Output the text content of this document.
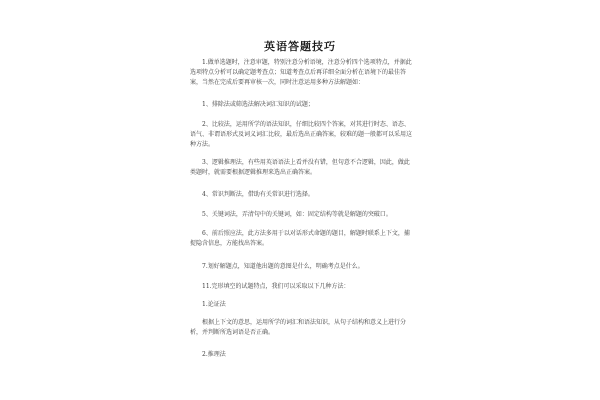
英语答题技巧

1.做单选题时，注意审题，特别注意分析语境，注意分析四个选项特点，并据此选项特点分析可以确定题考查点；知道考查点后再详细全面分析在语境下的最佳答案，当然在完成后要再审核一次，同时注意运用多种方法解题如：

1、排除法或筛选法解决词汇知识的试题；

2、比较法，运用所学的语法知识，仔细比较四个答案，对其进行时态、语态、语气、非谓语形式及词义词汇比较，最后选出正确答案，较难的题一般都可以采用这种方法。

3、逻辑推理法，有些用英语语法上看并没有错，但句意不合逻辑，因此，做此类题时，就需要根据逻辑推理来选出正确答案。

4、常识判断法，借助有关常识进行选择。

5、关键词法，弄清句中的关键词，如：固定结构等就是解题的突破口。

6、前后照应法，此方法多用于以对话形式命题的题目，解题时联系上下文，捕捉隐含信息，方能找出答案。

7.划好解题点，知道他出题的意图是什么，明确考点是什么。

11.完形填空的试题特点，我们可以采取以下几种方法：

1.论证法

根据上下文的意思，运用所学的词汇和语法知识，从句子结构和意义上进行分析，并判断所选词语是否正确。

2.推理法
